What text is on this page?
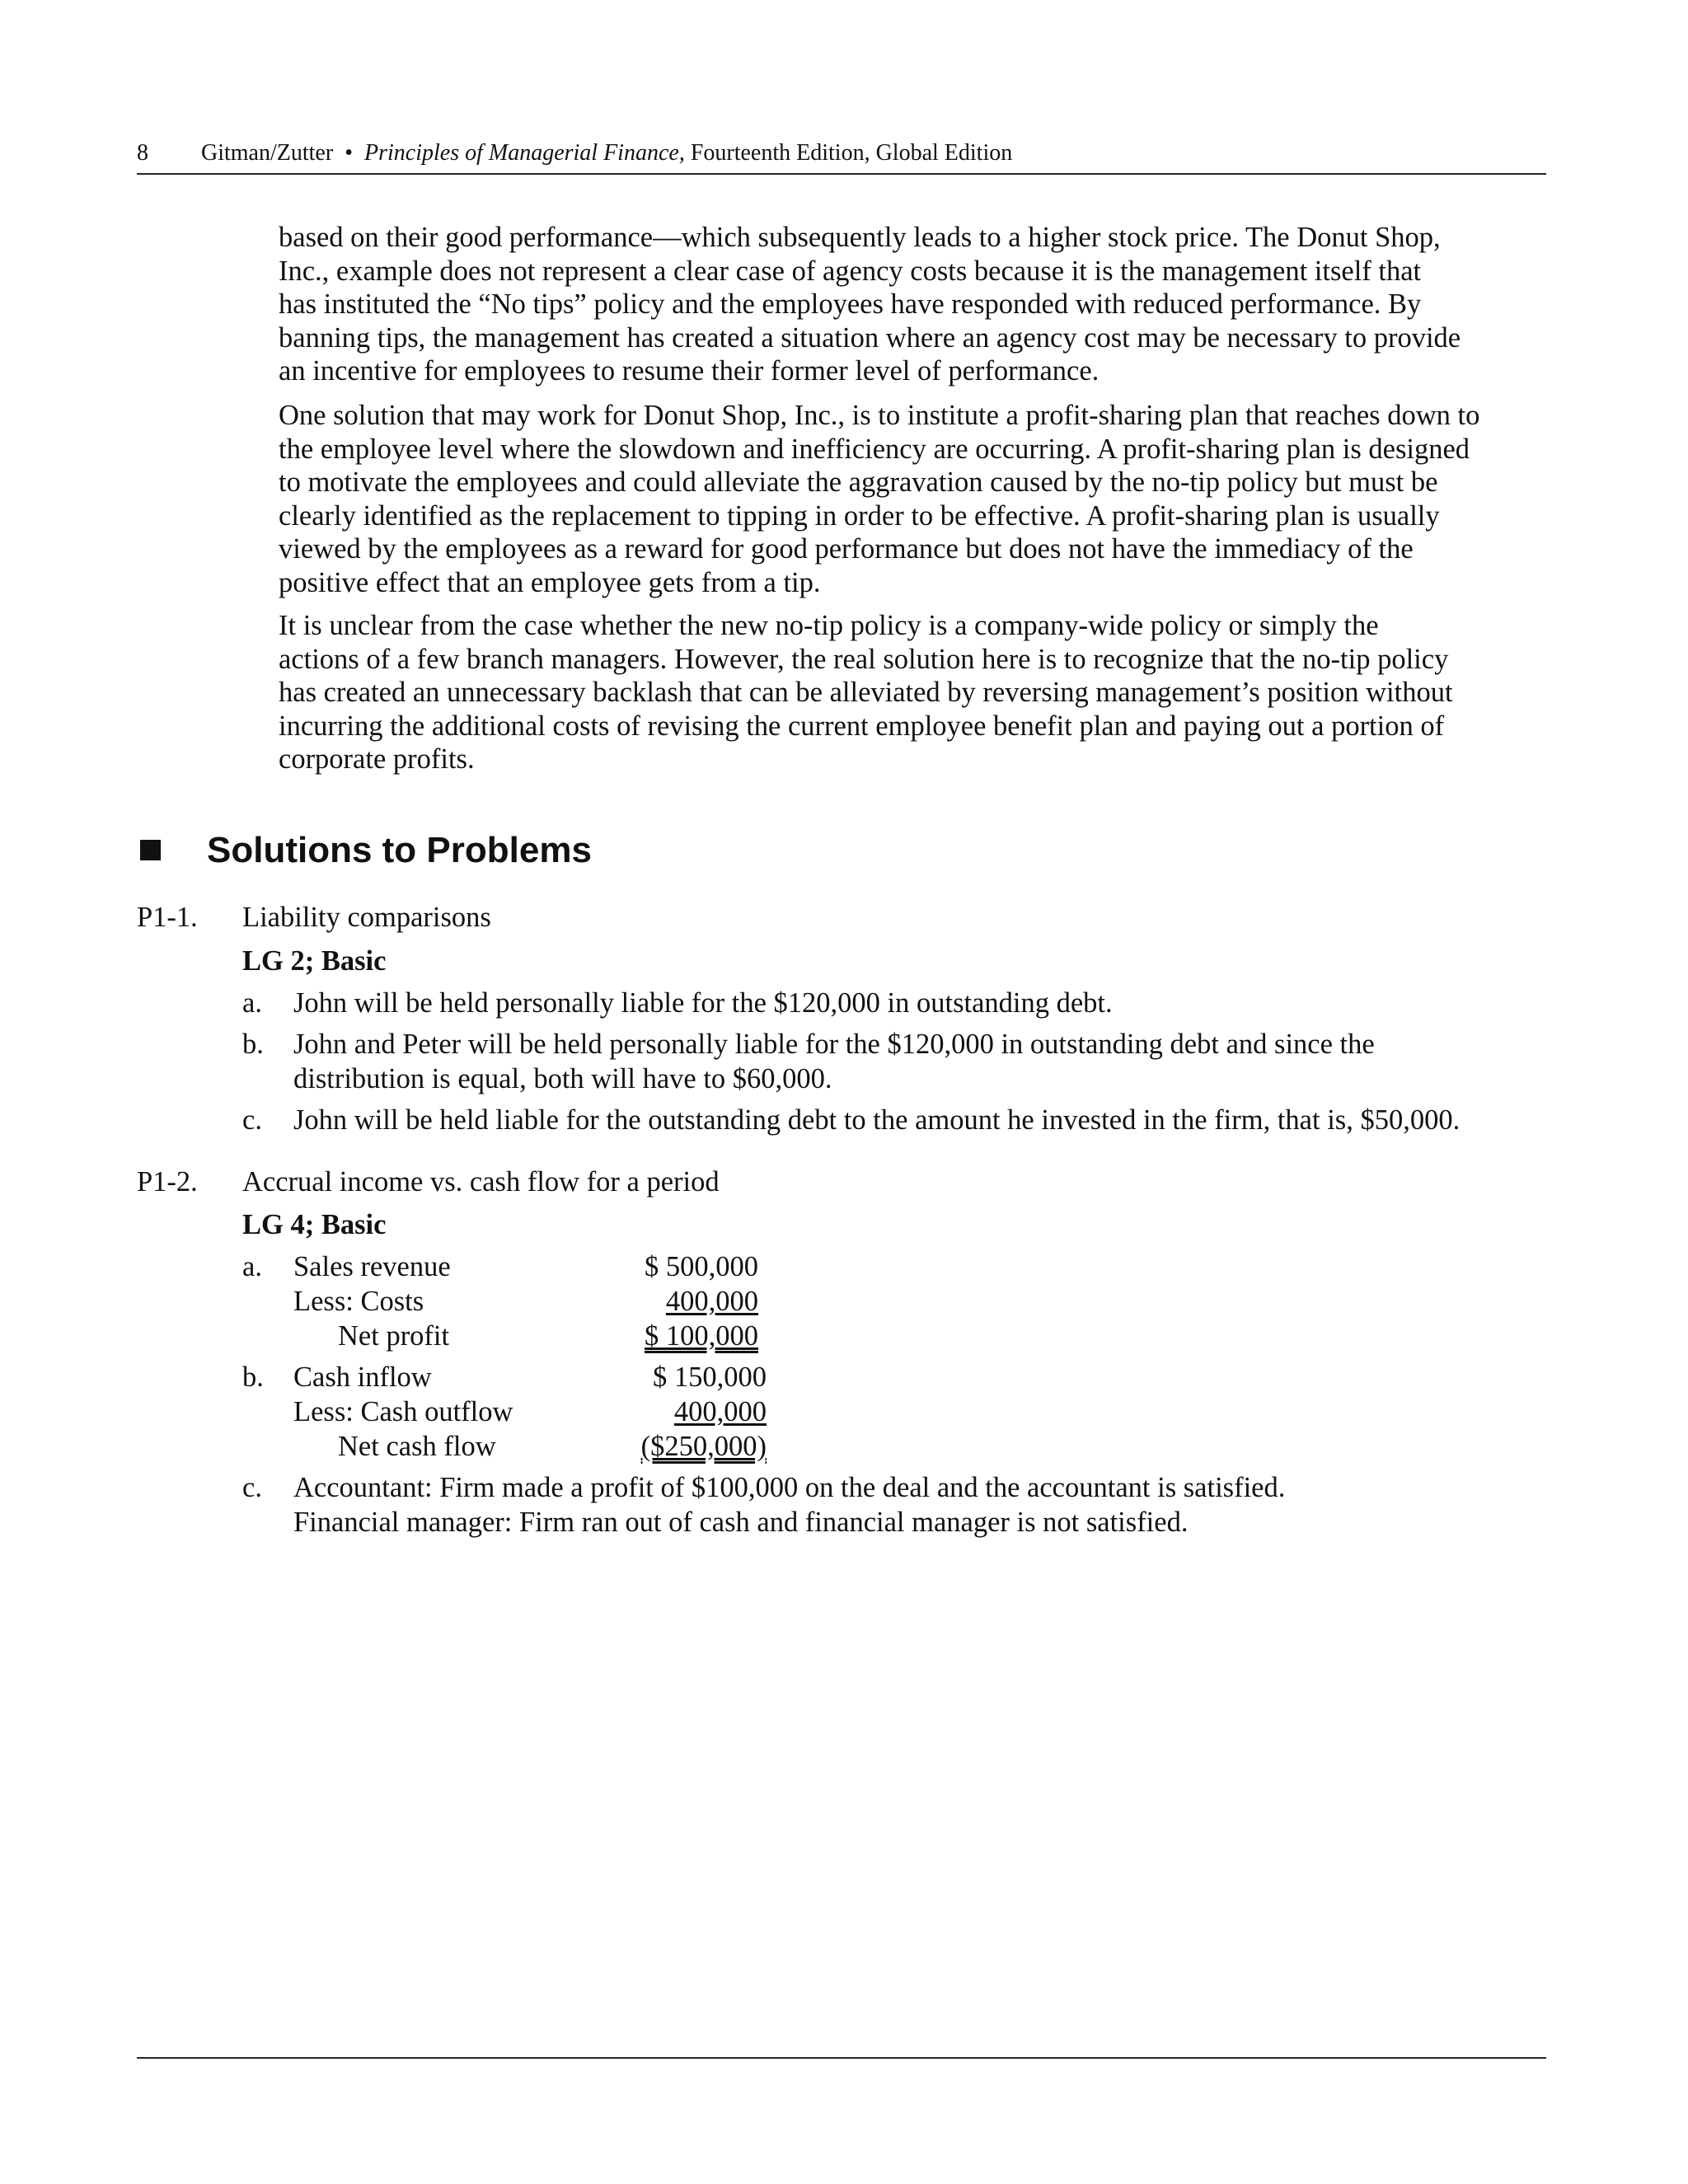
8 Gitman/Zutter • Principles of Managerial Finance, Fourteenth Edition, Global Edition

based on their good performance—which subsequently leads to a higher stock price. The Donut Shop,
Inc., example does not represent a clear case of agency costs because it is the management itself that
has instituted the “No tips” policy and the employees have responded with reduced performance. By
banning tips, the management has created a situation where an agency cost may be necessary to provide
an incentive for employees to resume their former level of performance.

One solution that may work for Donut Shop, Inc., is to institute a profit-sharing plan that reaches down to
the employee level where the slowdown and inefficiency are occurring. A profit-sharing plan is designed
to motivate the employees and could alleviate the aggravation caused by the no-tip policy but must be
clearly identified as the replacement to tipping in order to be effective. A profit-sharing plan is usually
viewed by the employees as a reward for good performance but does not have the immediacy of the
positive effect that an employee gets from a tip.

It is unclear from the case whether the new no-tip policy is a company-wide policy or simply the
actions of a few branch managers. However, the real solution here is to recognize that the no-tip policy
has created an unnecessary backlash that can be alleviated by reversing management’s position without
incurring the additional costs of revising the current employee benefit plan and paying out a portion of
corporate profits.

Solutions to Problems
P1-1. Liability comparisons
LG 2; Basic
a. John will be held personally liable for the $120,000 in outstanding debt.
b. John and Peter will be held personally liable for the $120,000 in outstanding debt and since the
distribution is equal, both will have to $60,000.
c. John will be held liable for the outstanding debt to the amount he invested in the firm, that is, $50,000.
P1-2. Accrual income vs. cash flow for a period
LG 4; Basic
a. Sales revenue	$ 500,000
Less: Costs	400,000
Net profit	$ 100,000
b. Cash inflow	$ 150,000
Less: Cash outflow	400,000
Net cash flow	($250,000)
c. Accountant: Firm made a profit of $100,000 on the deal and the accountant is satisfied.
Financial manager: Firm ran out of cash and financial manager is not satisfied.
